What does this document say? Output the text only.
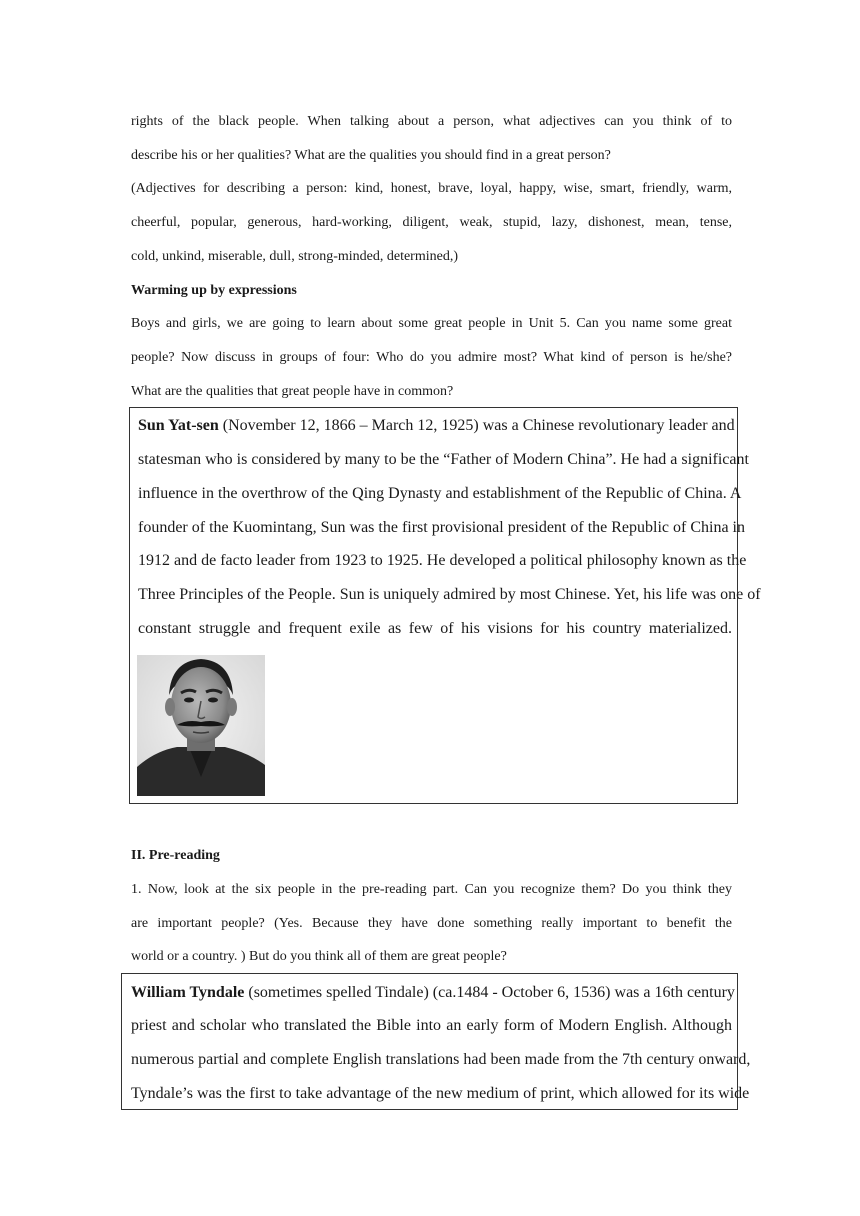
rights of the black people. When talking about a person, what adjectives can you think of to
describe his or her qualities? What are the qualities you should find in a great person?
(Adjectives for describing a person: kind, honest, brave, loyal, happy, wise, smart, friendly, warm,
cheerful, popular, generous, hard-working, diligent, weak, stupid, lazy, dishonest, mean, tense,
cold, unkind, miserable, dull, strong-minded, determined,)
Warming up by expressions
Boys and girls, we are going to learn about some great people in Unit 5. Can you name some great
people? Now discuss in groups of four: Who do you admire most? What kind of person is he/she?
What are the qualities that great people have in common?
Sun Yat-sen (November 12, 1866 – March 12, 1925) was a Chinese revolutionary leader and
statesman who is considered by many to be the “Father of Modern China”. He had a significant
influence in the overthrow of the Qing Dynasty and establishment of the Republic of China. A
founder of the Kuomintang, Sun was the first provisional president of the Republic of China in
1912 and de facto leader from 1923 to 1925. He developed a political philosophy known as the
Three Principles of the People. Sun is uniquely admired by most Chinese. Yet, his life was one of
constant struggle and frequent exile as few of his visions for his country materialized.
II. Pre-reading
1. Now, look at the six people in the pre-reading part. Can you recognize them? Do you think they
are important people? (Yes. Because they have done something really important to benefit the
world or a country. ) But do you think all of them are great people?
William Tyndale (sometimes spelled Tindale) (ca.1484 - October 6, 1536) was a 16th century
priest and scholar who translated the Bible into an early form of Modern English. Although
numerous partial and complete English translations had been made from the 7th century onward,
Tyndale’s was the first to take advantage of the new medium of print, which allowed for its wide
